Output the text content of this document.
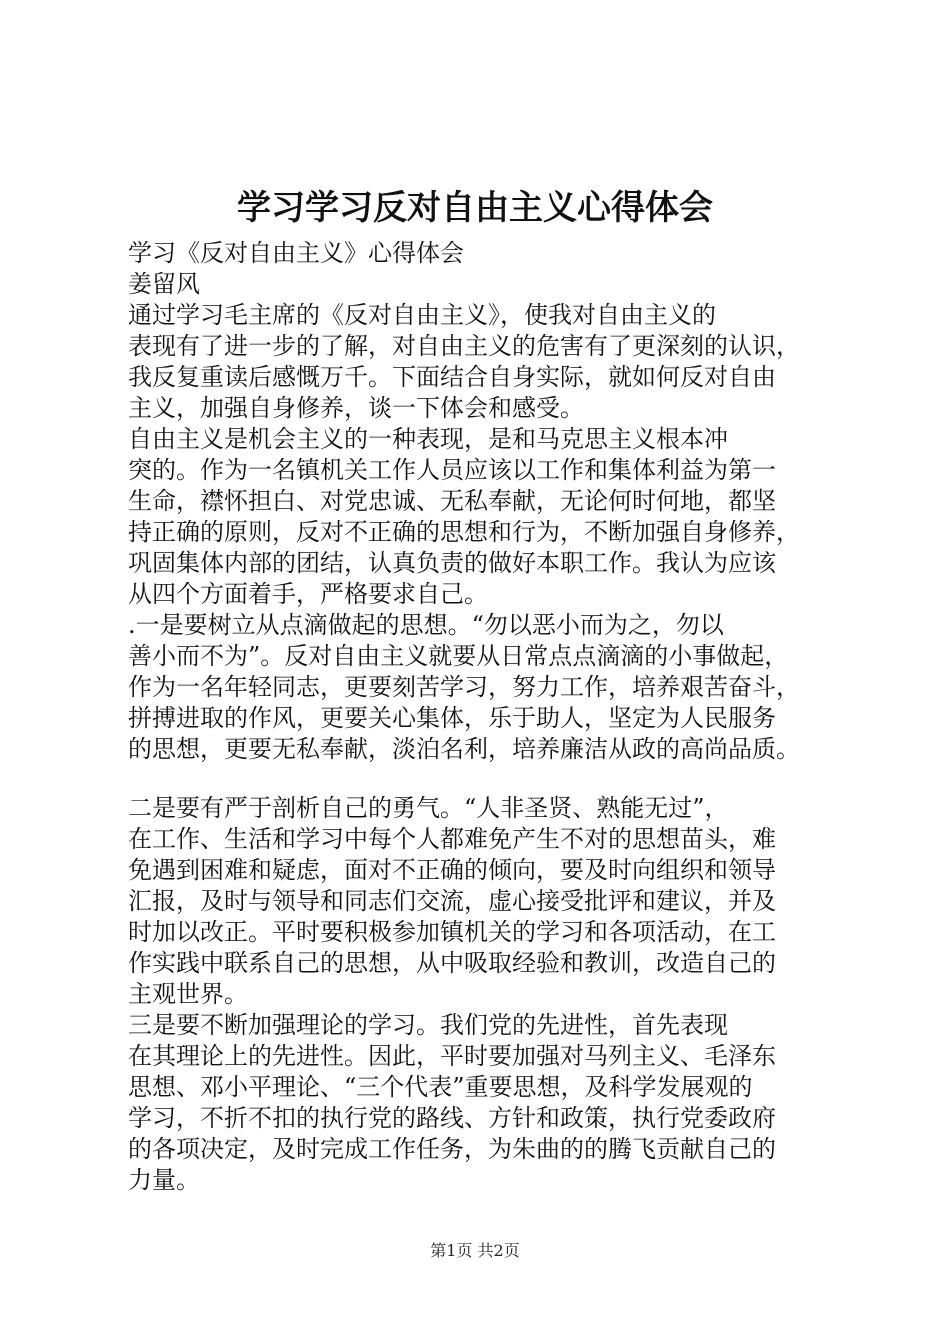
学习学习反对自由主义心得体会
学习《反对自由主义》心得体会
姜留风
通过学习毛主席的《反对自由主义》，使我对自由主义的
表现有了进一步的了解，对自由主义的危害有了更深刻的认识，
我反复重读后感慨万千。下面结合自身实际，就如何反对自由
主义，加强自身修养，谈一下体会和感受。
自由主义是机会主义的一种表现，是和马克思主义根本冲
突的。作为一名镇机关工作人员应该以工作和集体利益为第一
生命，襟怀担白、对党忠诚、无私奉献，无论何时何地，都坚
持正确的原则，反对不正确的思想和行为，不断加强自身修养，
巩固集体内部的团结，认真负责的做好本职工作。我认为应该
从四个方面着手，严格要求自己。
.一是要树立从点滴做起的思想。“勿以恶小而为之，勿以
善小而不为”。反对自由主义就要从日常点点滴滴的小事做起，
作为一名年轻同志，更要刻苦学习，努力工作，培养艰苦奋斗，
拼搏进取的作风，更要关心集体，乐于助人，坚定为人民服务
的思想，更要无私奉献，淡泊名利，培养廉洁从政的高尚品质。
二是要有严于剖析自己的勇气。“人非圣贤、熟能无过”，
在工作、生活和学习中每个人都难免产生不对的思想苗头，难
免遇到困难和疑虑，面对不正确的倾向，要及时向组织和领导
汇报，及时与领导和同志们交流，虚心接受批评和建议，并及
时加以改正。平时要积极参加镇机关的学习和各项活动，在工
作实践中联系自己的思想，从中吸取经验和教训，改造自己的
主观世界。
三是要不断加强理论的学习。我们党的先进性，首先表现
在其理论上的先进性。因此，平时要加强对马列主义、毛泽东
思想、邓小平理论、“三个代表”重要思想，及科学发展观的
学习，不折不扣的执行党的路线、方针和政策，执行党委政府
的各项决定，及时完成工作任务，为朱曲的的腾飞贡献自己的
力量。
第1页 共2页
